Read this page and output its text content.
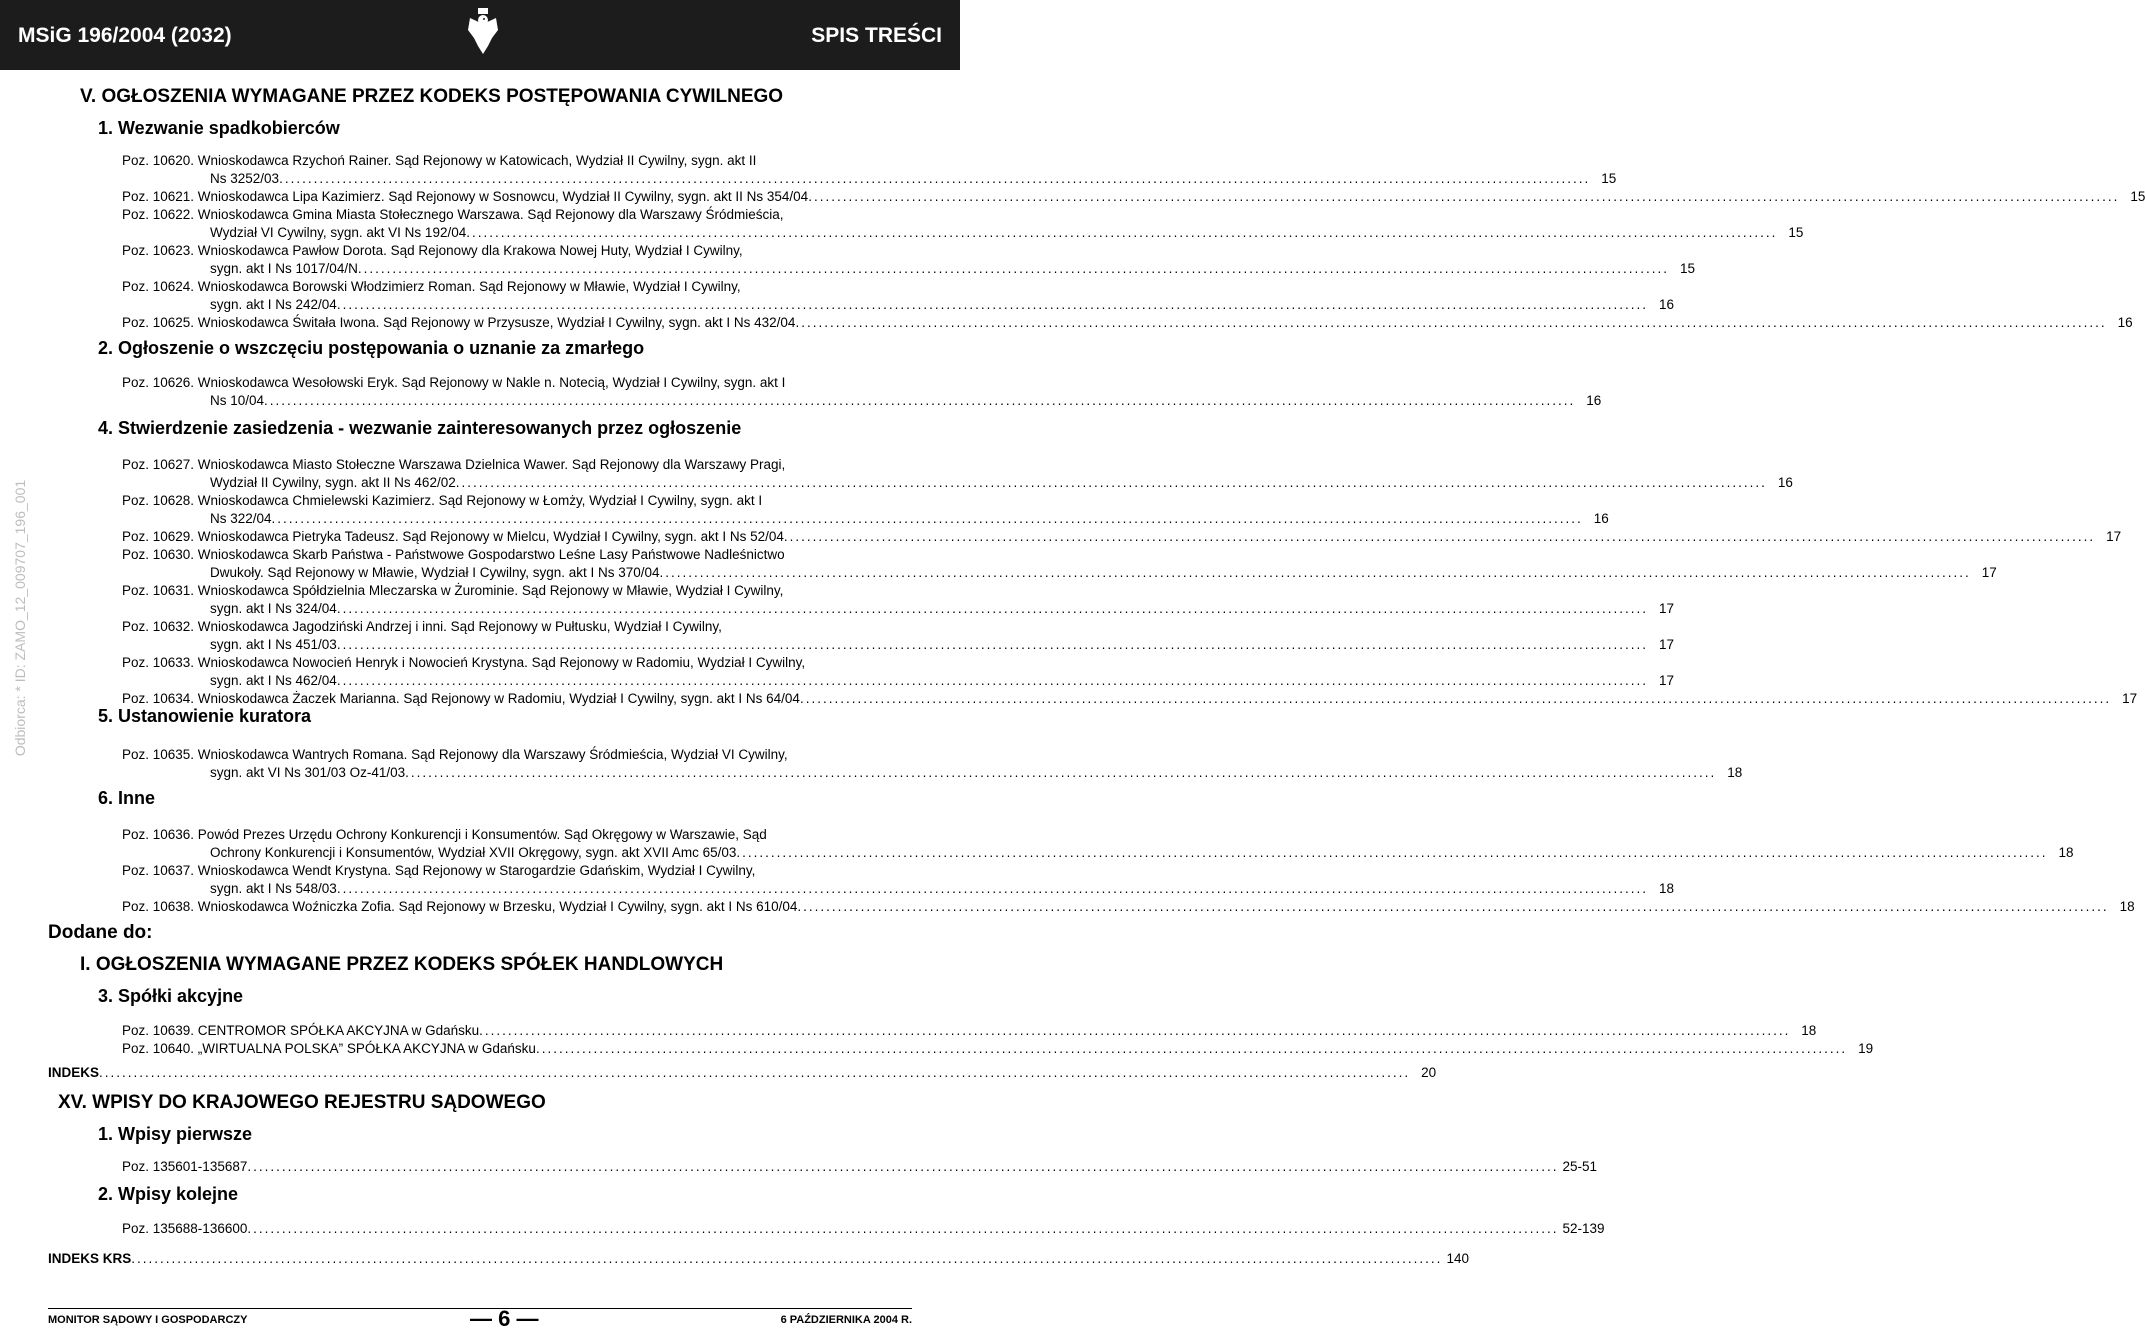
MSiG 196/2004 (2032)	SPIS TREŚCI
Odbiorca: * ID: ZAMO_12_009707_196_001
V. OGŁOSZENIA WYMAGANE PRZEZ KODEKS POSTĘPOWANIA CYWILNEGO
1. Wezwanie spadkobierców
Poz. 10620. Wnioskodawca Rzychoń Rainer. Sąd Rejonowy w Katowicach, Wydział II Cywilny, sygn. akt II
Ns 3252/03 .................................................................................................................................................................................................................................... 15
Poz. 10621. Wnioskodawca Lipa Kazimierz. Sąd Rejonowy w Sosnowcu, Wydział II Cywilny, sygn. akt II Ns 354/04 .................................................................................................................................................................................................................................... 15
Poz. 10622. Wnioskodawca Gmina Miasta Stołecznego Warszawa. Sąd Rejonowy dla Warszawy Śródmieścia,
Wydział VI Cywilny, sygn. akt VI Ns 192/04 .................................................................................................................................................................................................................................... 15
Poz. 10623. Wnioskodawca Pawłow Dorota. Sąd Rejonowy dla Krakowa Nowej Huty, Wydział I Cywilny,
sygn. akt I Ns 1017/04/N .................................................................................................................................................................................................................................... 15
Poz. 10624. Wnioskodawca Borowski Włodzimierz Roman. Sąd Rejonowy w Mławie, Wydział I Cywilny,
sygn. akt I Ns 242/04 .................................................................................................................................................................................................................................... 16
Poz. 10625. Wnioskodawca Świtała Iwona. Sąd Rejonowy w Przysusze, Wydział I Cywilny, sygn. akt I Ns 432/04 .................................................................................................................................................................................................................................... 16
2. Ogłoszenie o wszczęciu postępowania o uznanie za zmarłego
Poz. 10626. Wnioskodawca Wesołowski Eryk. Sąd Rejonowy w Nakle n. Notecią, Wydział I Cywilny, sygn. akt I
Ns 10/04 .................................................................................................................................................................................................................................... 16
4. Stwierdzenie zasiedzenia - wezwanie zainteresowanych przez ogłoszenie
Poz. 10627. Wnioskodawca Miasto Stołeczne Warszawa Dzielnica Wawer. Sąd Rejonowy dla Warszawy Pragi,
Wydział II Cywilny, sygn. akt II Ns 462/02 .................................................................................................................................................................................................................................... 16
Poz. 10628. Wnioskodawca Chmielewski Kazimierz. Sąd Rejonowy w Łomży, Wydział I Cywilny, sygn. akt I
Ns 322/04 .................................................................................................................................................................................................................................... 16
Poz. 10629. Wnioskodawca Pietryka Tadeusz. Sąd Rejonowy w Mielcu, Wydział I Cywilny, sygn. akt I Ns 52/04 .................................................................................................................................................................................................................................... 17
Poz. 10630. Wnioskodawca Skarb Państwa - Państwowe Gospodarstwo Leśne Lasy Państwowe Nadleśnictwo
Dwukoły. Sąd Rejonowy w Mławie, Wydział I Cywilny, sygn. akt I Ns 370/04 .................................................................................................................................................................................................................................... 17
Poz. 10631. Wnioskodawca Spółdzielnia Mleczarska w Żurominie. Sąd Rejonowy w Mławie, Wydział I Cywilny,
sygn. akt I Ns 324/04 .................................................................................................................................................................................................................................... 17
Poz. 10632. Wnioskodawca Jagodziński Andrzej i inni. Sąd Rejonowy w Pułtusku, Wydział I Cywilny,
sygn. akt I Ns 451/03 .................................................................................................................................................................................................................................... 17
Poz. 10633. Wnioskodawca Nowocień Henryk i Nowocień Krystyna. Sąd Rejonowy w Radomiu, Wydział I Cywilny,
sygn. akt I Ns 462/04 .................................................................................................................................................................................................................................... 17
Poz. 10634. Wnioskodawca Żaczek Marianna. Sąd Rejonowy w Radomiu, Wydział I Cywilny, sygn. akt I Ns 64/04 .................................................................................................................................................................................................................................... 17
5. Ustanowienie kuratora
Poz. 10635. Wnioskodawca Wantrych Romana. Sąd Rejonowy dla Warszawy Śródmieścia, Wydział VI Cywilny,
sygn. akt VI Ns 301/03 Oz-41/03 .................................................................................................................................................................................................................................... 18
6. Inne
Poz. 10636. Powód Prezes Urzędu Ochrony Konkurencji i Konsumentów. Sąd Okręgowy w Warszawie, Sąd
Ochrony Konkurencji i Konsumentów, Wydział XVII Okręgowy, sygn. akt XVII Amc 65/03 .................................................................................................................................................................................................................................... 18
Poz. 10637. Wnioskodawca Wendt Krystyna. Sąd Rejonowy w Starogardzie Gdańskim, Wydział I Cywilny,
sygn. akt I Ns 548/03 .................................................................................................................................................................................................................................... 18
Poz. 10638. Wnioskodawca Woźniczka Zofia. Sąd Rejonowy w Brzesku, Wydział I Cywilny, sygn. akt I Ns 610/04 .................................................................................................................................................................................................................................... 18
Dodane do:
I. OGŁOSZENIA WYMAGANE PRZEZ KODEKS SPÓŁEK HANDLOWYCH
3. Spółki akcyjne
Poz. 10639. CENTROMOR SPÓŁKA AKCYJNA w Gdańsku .................................................................................................................................................................................................................................... 18
Poz. 10640. „WIRTUALNA POLSKA” SPÓŁKA AKCYJNA w Gdańsku .................................................................................................................................................................................................................................... 19
INDEKS .................................................................................................................................................................................................................................... 20
XV. WPISY DO KRAJOWEGO REJESTRU SĄDOWEGO
1. Wpisy pierwsze
Poz. 135601-135687 .................................................................................................................................................................................................................................... 25-51
2. Wpisy kolejne
Poz. 135688-136600 .................................................................................................................................................................................................................................... 52-139
INDEKS KRS .................................................................................................................................................................................................................................... 140
MONITOR SĄDOWY I GOSPODARCZY	— 6 —	6 PAŹDZIERNIKA 2004 R.
